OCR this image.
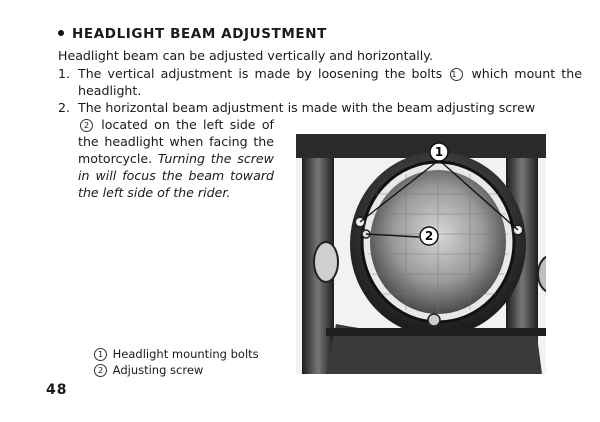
HEADLIGHT BEAM ADJUSTMENT
Headlight beam can be adjusted vertically and horizontally.
1. The vertical adjustment is made by loosening the bolts 1 which mount the headlight.
2. The horizontal beam adjustment is made with the beam adjusting screw
2 located on the left side of the headlight when facing the motorcycle. Turning the screw in will focus the beam toward the left side of the rider.
1
2
1 Headlight mounting bolts
2 Adjusting screw
48
